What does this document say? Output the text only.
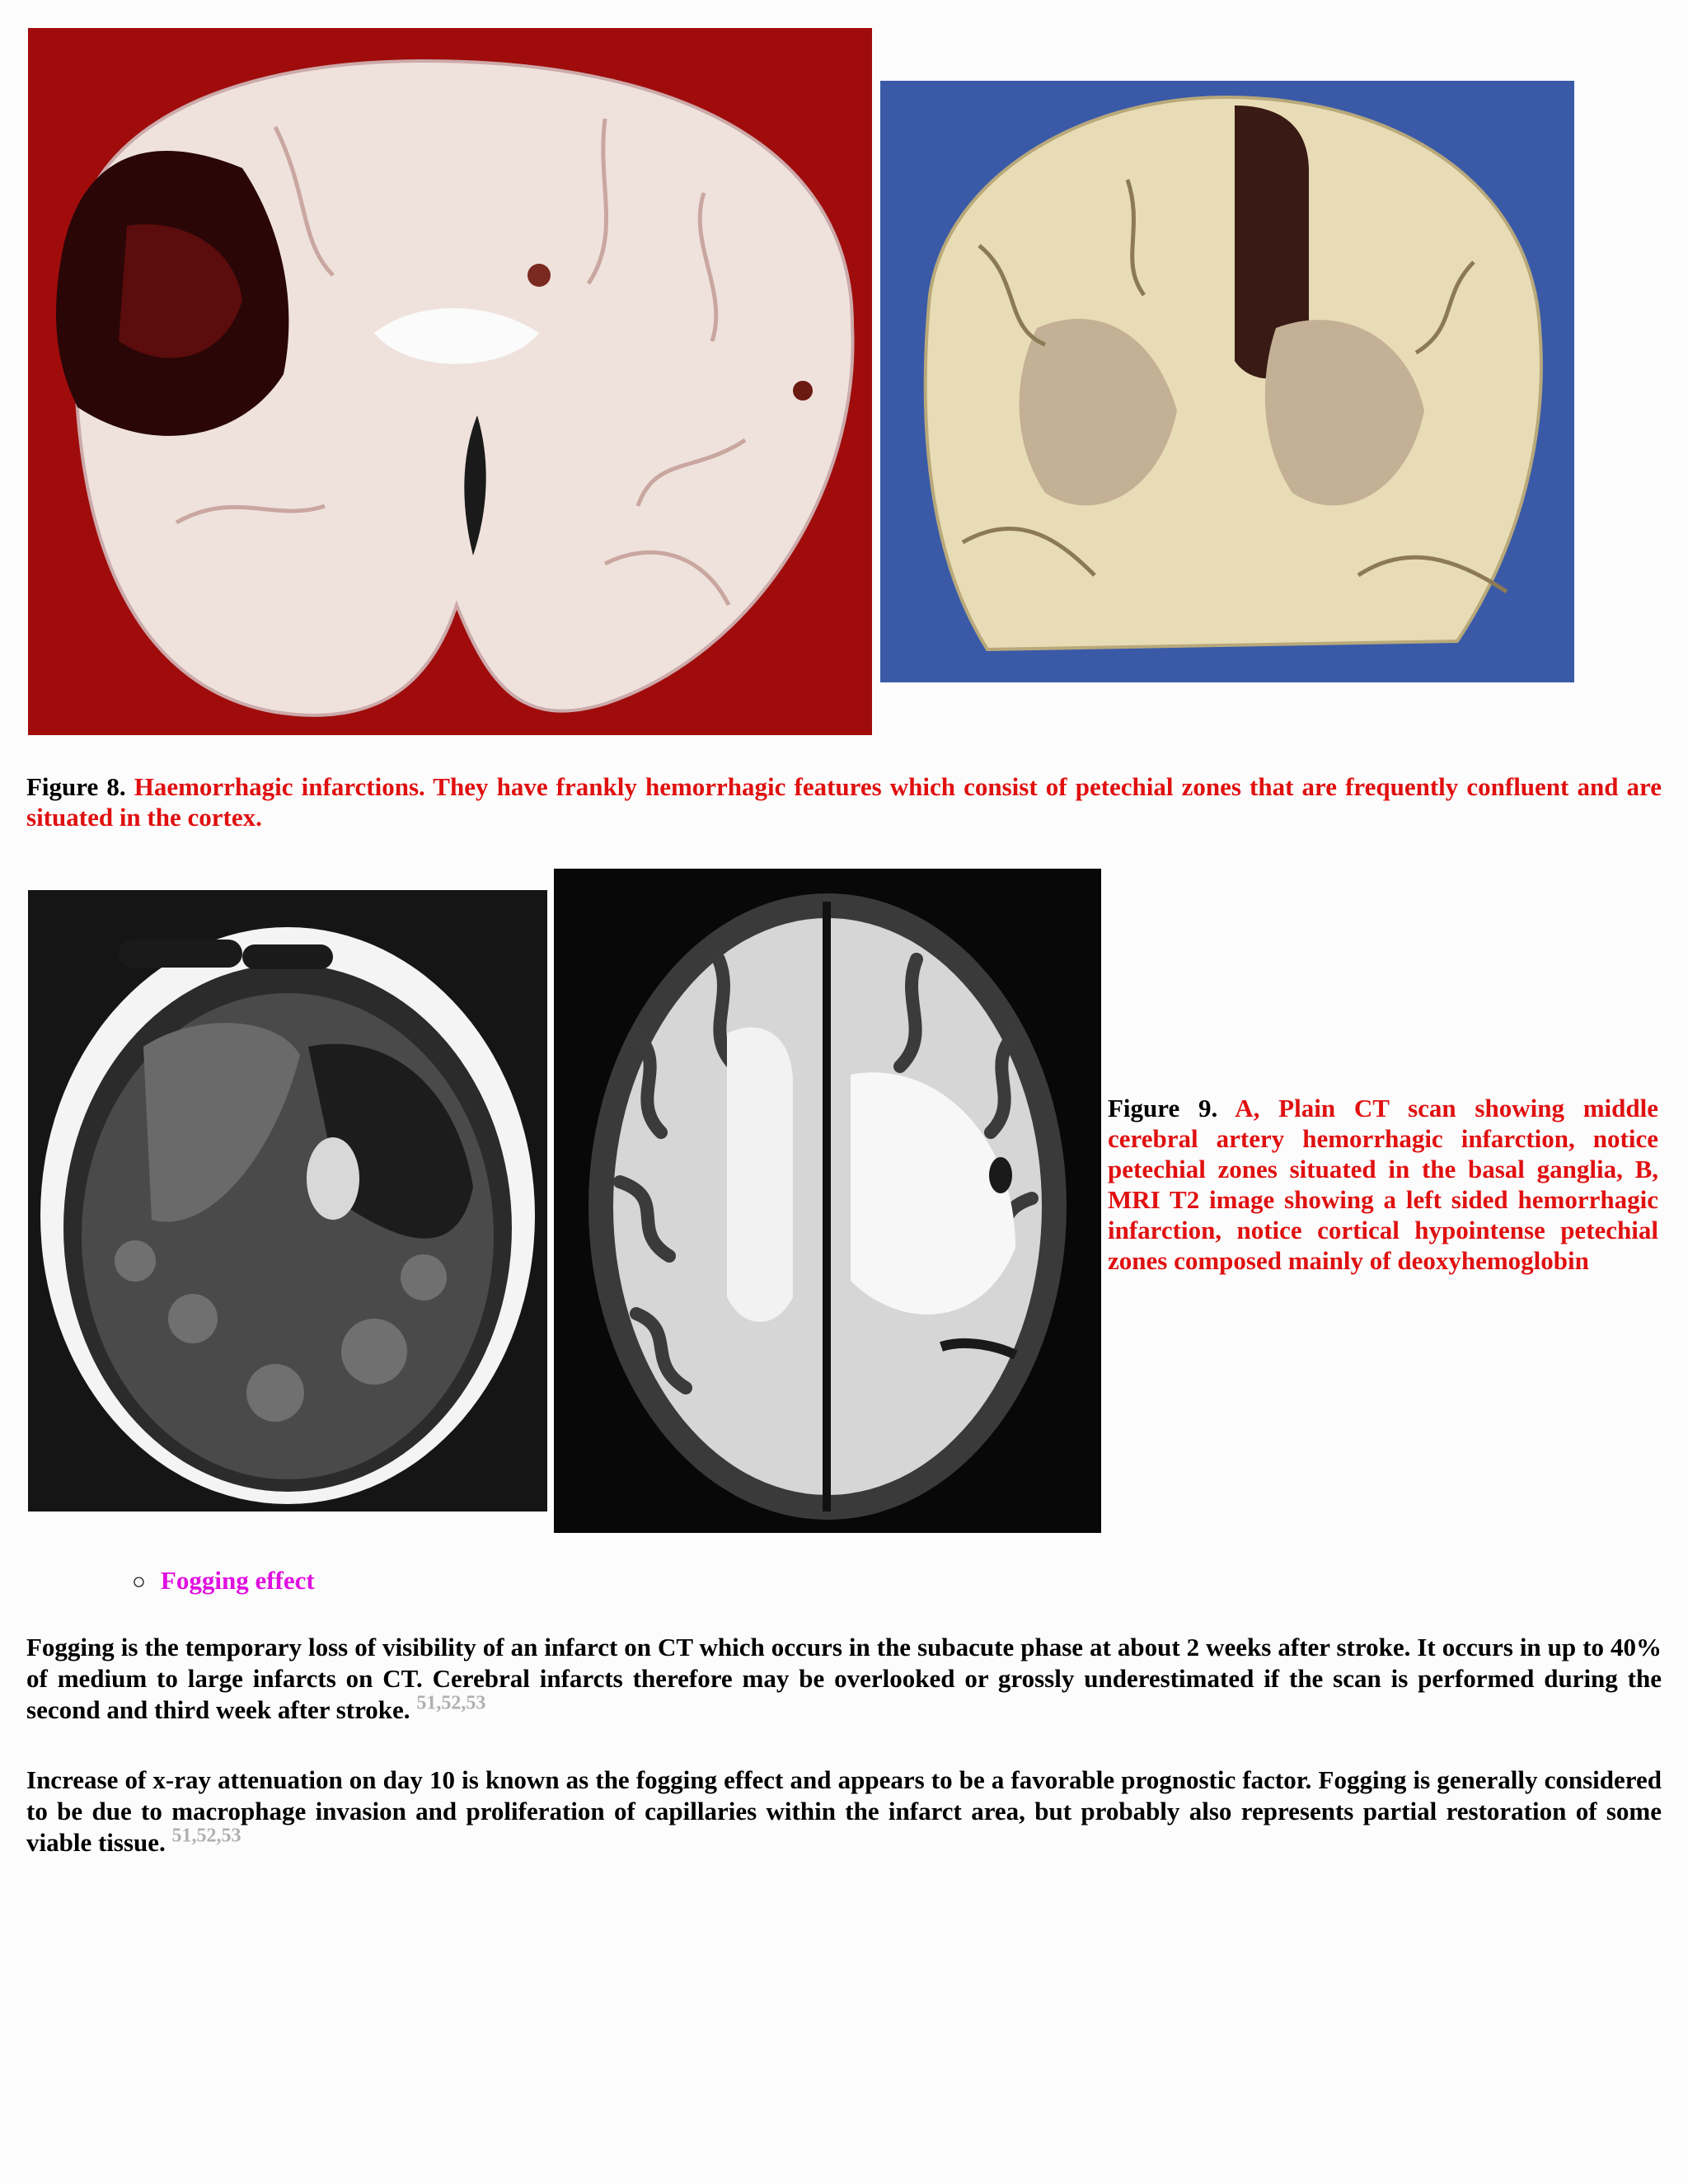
Figure 8. Haemorrhagic infarctions. They have frankly hemorrhagic features which consist of petechial zones that are frequently confluent and are situated in the cortex.
Figure 9. A, Plain CT scan showing middle cerebral artery hemorrhagic infarction, notice petechial zones situated in the basal ganglia, B, MRI T2 image showing a left sided hemorrhagic infarction, notice cortical hypointense petechial zones composed mainly of deoxyhemoglobin
○ Fogging effect
Fogging is the temporary loss of visibility of an infarct on CT which occurs in the subacute phase at about 2 weeks after stroke. It occurs in up to 40% of medium to large infarcts on CT. Cerebral infarcts therefore may be overlooked or grossly underestimated if the scan is performed during the second and third week after stroke. $^{51,52,53}$
Increase of x-ray attenuation on day 10 is known as the fogging effect and appears to be a favorable prognostic factor. Fogging is generally considered to be due to macrophage invasion and proliferation of capillaries within the infarct area, but probably also represents partial restoration of some viable tissue. $^{51,52,53}$
